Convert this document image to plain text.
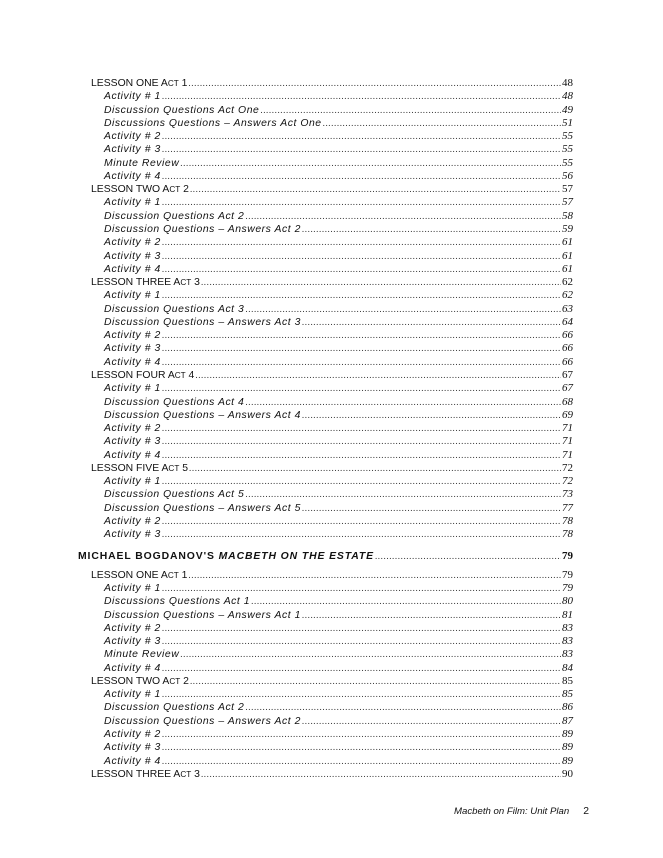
LESSON ONE ACT 1 .....	48
Activity # 1 .....	48
Discussion Questions Act One .....	49
Discussions Questions – Answers Act One .....	51
Activity # 2 .....	55
Activity # 3 .....	55
Minute Review .....	55
Activity # 4 .....	56
LESSON TWO ACT 2 .....	57
Activity # 1 .....	57
Discussion Questions Act 2 .....	58
Discussion Questions – Answers Act 2 .....	59
Activity # 2 .....	61
Activity # 3 .....	61
Activity # 4 .....	61
LESSON THREE ACT 3 .....	62
Activity # 1 .....	62
Discussion Questions Act 3 .....	63
Discussion Questions – Answers Act 3 .....	64
Activity # 2 .....	66
Activity # 3 .....	66
Activity # 4 .....	66
LESSON FOUR ACT 4 .....	67
Activity # 1 .....	67
Discussion Questions Act 4 .....	68
Discussion Questions – Answers Act 4 .....	69
Activity # 2 .....	71
Activity # 3 .....	71
Activity # 4 .....	71
LESSON FIVE ACT 5 .....	72
Activity # 1 .....	72
Discussion Questions Act 5 .....	73
Discussion Questions – Answers Act 5 .....	77
Activity # 2 .....	78
Activity # 3 .....	78
MICHAEL BOGDANOV'S MACBETH ON THE ESTATE .....	79
LESSON ONE ACT 1 .....	79
Activity # 1 .....	79
Discussions Questions Act 1 .....	80
Discussion Questions – Answers Act 1 .....	81
Activity # 2 .....	83
Activity # 3 .....	83
Minute Review .....	83
Activity # 4 .....	84
LESSON TWO ACT 2 .....	85
Activity # 1 .....	85
Discussion Questions Act 2 .....	86
Discussion Questions – Answers Act 2 .....	87
Activity # 2 .....	89
Activity # 3 .....	89
Activity # 4 .....	89
LESSON THREE ACT 3 .....	90
Macbeth on Film: Unit Plan 2
